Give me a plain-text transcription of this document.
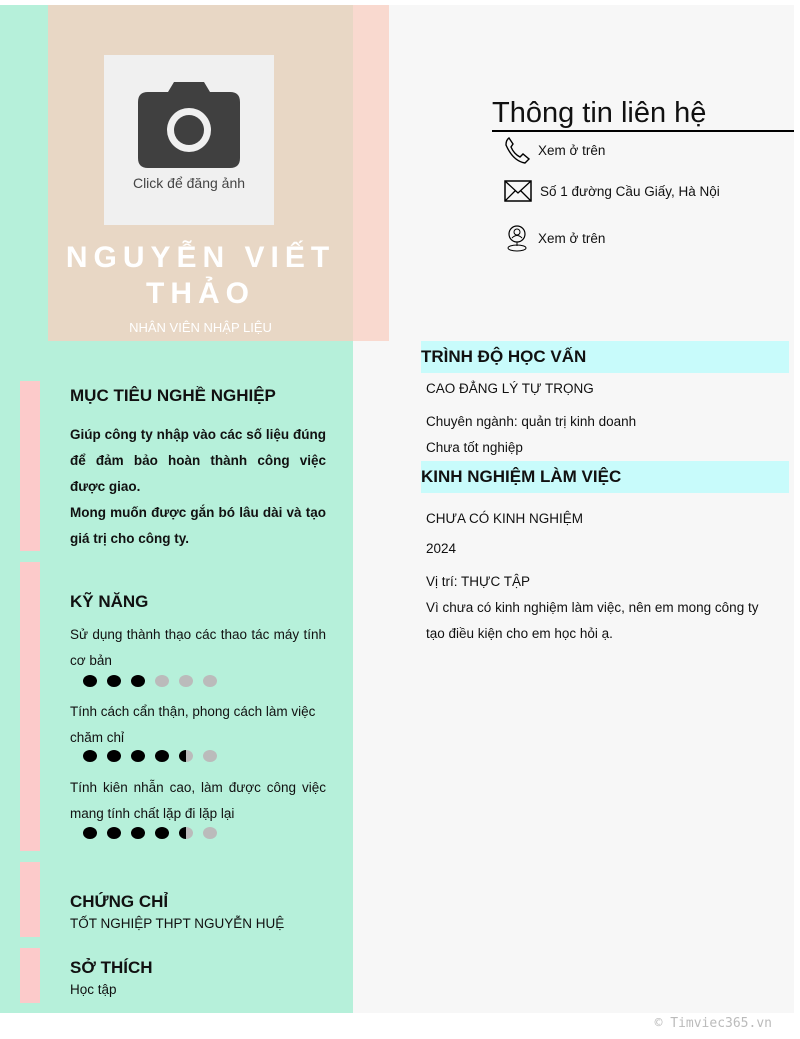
Click để đăng ảnh
NGUYỄN VIẾT THẢO
NHÂN VIÊN NHẬP LIỆU
Thông tin liên hệ
Xem ở trên
Số 1 đường Cầu Giấy, Hà Nội
Xem ở trên
MỤC TIÊU NGHỀ NGHIỆP
Giúp công ty nhập vào các số liệu đúng để đảm bảo hoàn thành công việc được giao.
Mong muốn được gắn bó lâu dài và tạo giá trị cho công ty.
KỸ NĂNG
Sử dụng thành thạo các thao tác máy tính cơ bản
Tính cách cẩn thận, phong cách làm việc chăm chỉ
Tính kiên nhẫn cao, làm được công việc mang tính chất lặp đi lặp lại
CHỨNG CHỈ
TỐT NGHIỆP THPT NGUYỄN HUỆ
SỞ THÍCH
Học tập
TRÌNH ĐỘ HỌC VẤN
CAO ĐẲNG LÝ TỰ TRỌNG
Chuyên ngành: quản trị kinh doanh
Chưa tốt nghiệp
KINH NGHIỆM LÀM VIỆC
CHƯA CÓ KINH NGHIỆM
2024
Vị trí: THỰC TẬP
Vì chưa có kinh nghiệm làm việc, nên em mong công ty tạo điều kiện cho em học hỏi ạ.
© Timviec365.vn
